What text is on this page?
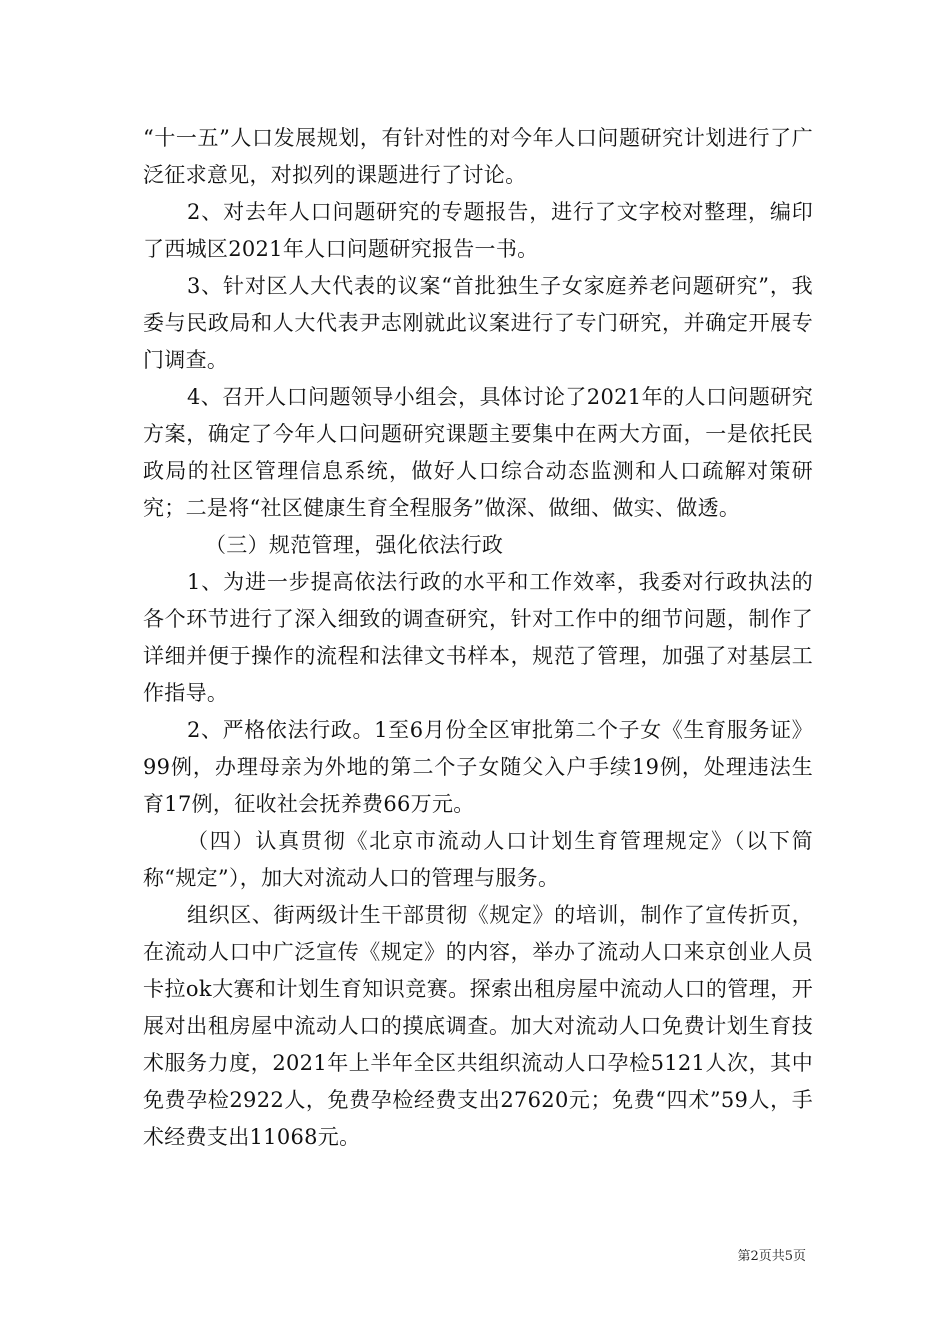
“十一五”人口发展规划，有针对性的对今年人口问题研究计划进行了广泛征求意见，对拟列的课题进行了讨论。

2、对去年人口问题研究的专题报告，进行了文字校对整理，编印了西城区2021年人口问题研究报告一书。

3、针对区人大代表的议案“首批独生子女家庭养老问题研究”，我委与民政局和人大代表尹志刚就此议案进行了专门研究，并确定开展专门调查。

4、召开人口问题领导小组会，具体讨论了2021年的人口问题研究方案，确定了今年人口问题研究课题主要集中在两大方面，一是依托民政局的社区管理信息系统，做好人口综合动态监测和人口疏解对策研究；二是将“社区健康生育全程服务”做深、做细、做实、做透。

（三）规范管理，强化依法行政

1、为进一步提高依法行政的水平和工作效率，我委对行政执法的各个环节进行了深入细致的调查研究，针对工作中的细节问题，制作了详细并便于操作的流程和法律文书样本，规范了管理，加强了对基层工作指导。

2、严格依法行政。1至6月份全区审批第二个子女《生育服务证》99例，办理母亲为外地的第二个子女随父入户手续19例，处理违法生育17例，征收社会抚养费66万元。

（四）认真贯彻《北京市流动人口计划生育管理规定》（以下简称“规定”），加大对流动人口的管理与服务。

组织区、街两级计生干部贯彻《规定》的培训，制作了宣传折页，在流动人口中广泛宣传《规定》的内容，举办了流动人口来京创业人员卡拉ok大赛和计划生育知识竞赛。探索出租房屋中流动人口的管理，开展对出租房屋中流动人口的摸底调查。加大对流动人口免费计划生育技术服务力度，2021年上半年全区共组织流动人口孕检5121人次，其中免费孕检2922人，免费孕检经费支出27620元；免费“四术”59人，手术经费支出11068元。

第2页共5页
